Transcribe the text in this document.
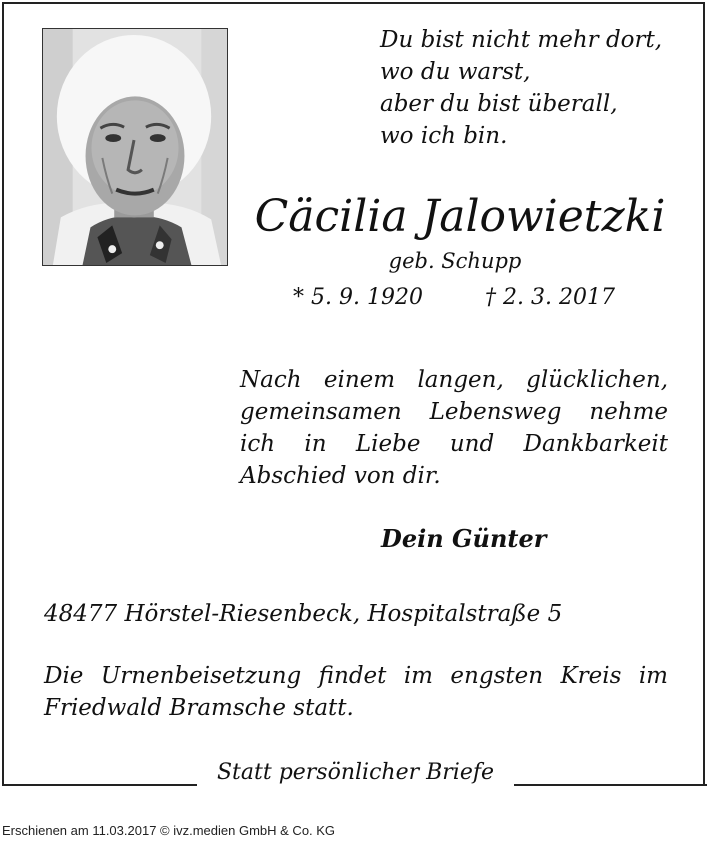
Du bist nicht mehr dort,
wo du warst,
aber du bist überall,
wo ich bin.
Cäcilia Jalowietzki
geb. Schupp
* 5. 9. 1920	† 2. 3. 2017
Nach einem langen, glücklichen, gemeinsamen Lebensweg nehme ich in Liebe und Dankbarkeit Abschied von dir.
Dein Günter
48477 Hörstel-Riesenbeck, Hospitalstraße 5
Die Urnenbeisetzung findet im engsten Kreis im Friedwald Bramsche statt.
Statt persönlicher Briefe
Erschienen am 11.03.2017 © ivz.medien GmbH & Co. KG
